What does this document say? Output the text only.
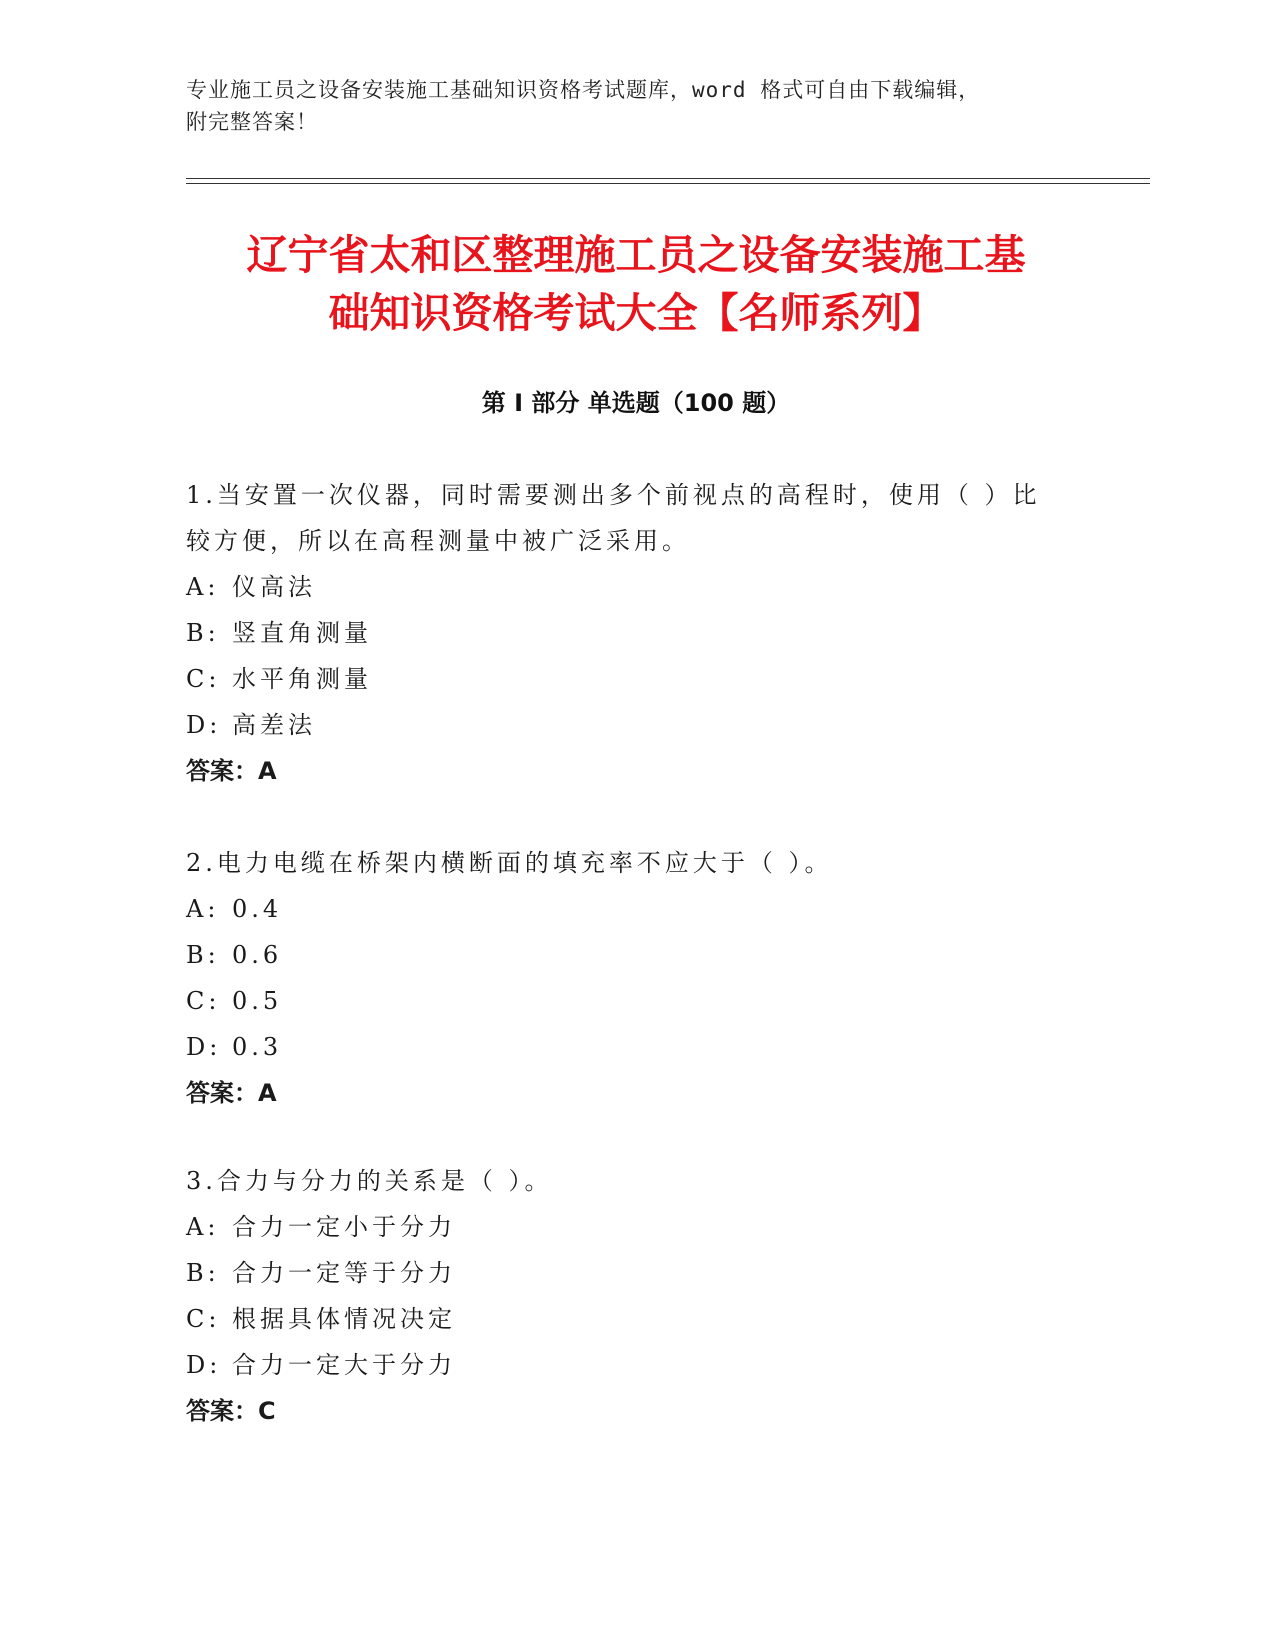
专业施工员之设备安装施工基础知识资格考试题库，word 格式可自由下载编辑，
附完整答案！
辽宁省太和区整理施工员之设备安装施工基
础知识资格考试大全【名师系列】
第 I 部分 单选题（100 题）
1.当安置一次仪器，同时需要测出多个前视点的高程时，使用（ ）比较方便，所以在高程测量中被广泛采用。
A: 仪高法
B: 竖直角测量
C: 水平角测量
D: 高差法
答案：A
2.电力电缆在桥架内横断面的填充率不应大于（ ）。
A: 0.4
B: 0.6
C: 0.5
D: 0.3
答案：A
3.合力与分力的关系是（ ）。
A: 合力一定小于分力
B: 合力一定等于分力
C: 根据具体情况决定
D: 合力一定大于分力
答案：C
